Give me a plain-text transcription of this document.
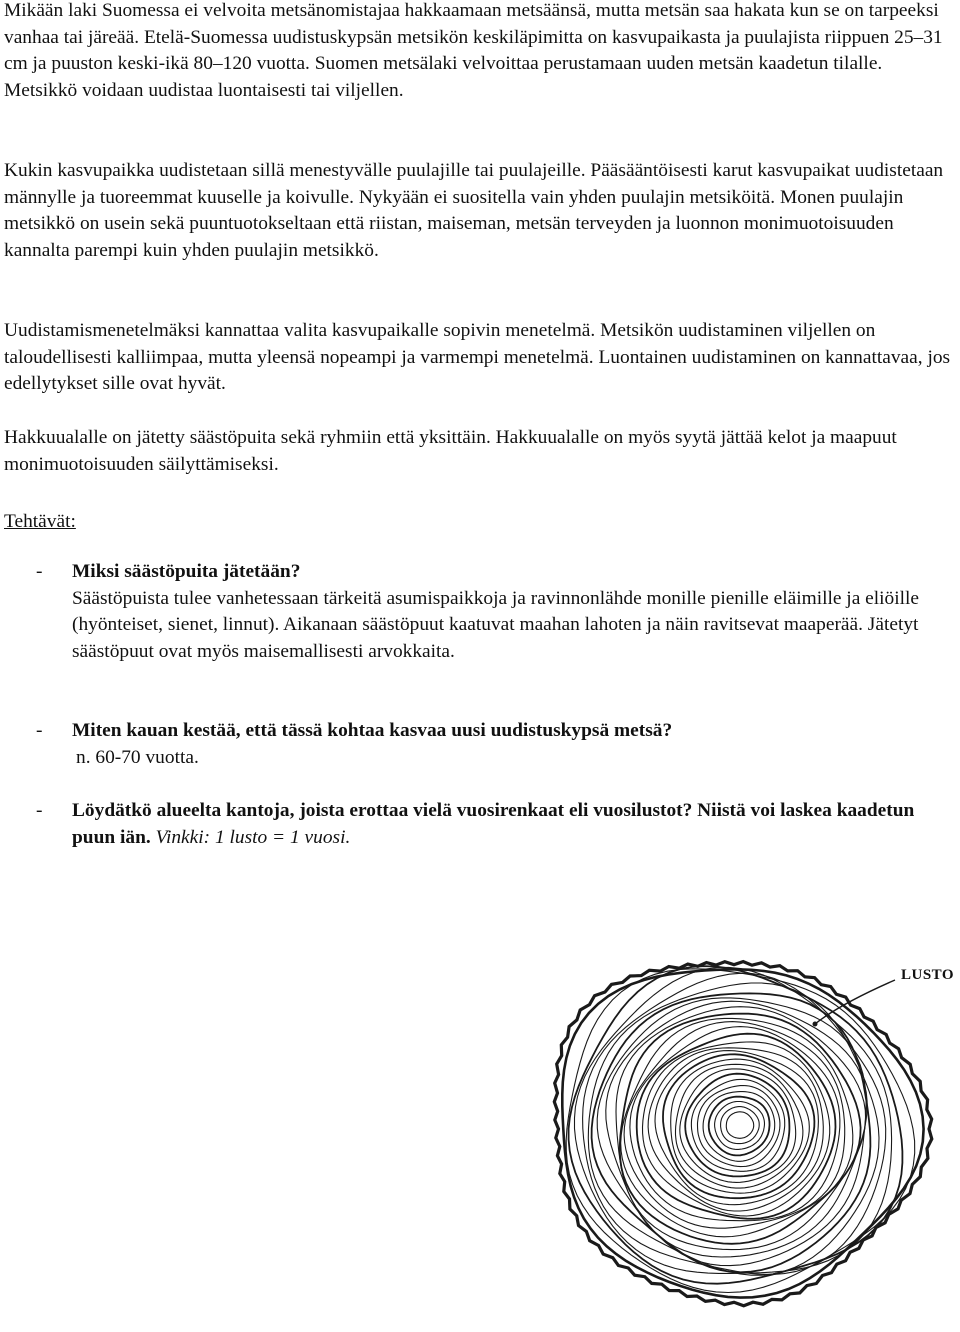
Mikään laki Suomessa ei velvoita metsänomistajaa hakkaamaan metsäänsä, mutta metsän saa hakata kun se on tarpeeksi vanhaa tai järeää. Etelä-Suomessa uudistuskypsän metsikön keskiläpimitta on kasvupaikasta ja puulajista riippuen 25–31 cm ja puuston keski-ikä 80–120 vuotta. Suomen metsälaki velvoittaa perustamaan uuden metsän kaadetun tilalle. Metsikkö voidaan uudistaa luontaisesti tai viljellen.

Kukin kasvupaikka uudistetaan sillä menestyvälle puulajille tai puulajeille. Pääsääntöisesti karut kasvupaikat uudistetaan männylle ja tuoreemmat kuuselle ja koivulle. Nykyään ei suositella vain yhden puulajin metsiköitä. Monen puulajin metsikkö on usein sekä puuntuotokseltaan että riistan, maiseman, metsän terveyden ja luonnon monimuotoisuuden kannalta parempi kuin yhden puulajin metsikkö.

Uudistamismenetelmäksi kannattaa valita kasvupaikalle sopivin menetelmä. Metsikön uudistaminen viljellen on taloudellisesti kalliimpaa, mutta yleensä nopeampi ja varmempi menetelmä. Luontainen uudistaminen on kannattavaa, jos edellytykset sille ovat hyvät.

Hakkuualalle on jätetty säästöpuita sekä ryhmiin että yksittäin. Hakkuualalle on myös syytä jättää kelot ja maapuut monimuotoisuuden säilyttämiseksi.

Tehtävät:

- Miksi säästöpuita jätetään?
Säästöpuista tulee vanhetessaan tärkeitä asumispaikkoja ja ravinnonlähde monille pienille eläimille ja eliöille (hyönteiset, sienet, linnut). Aikanaan säästöpuut kaatuvat maahan lahoten ja näin ravitsevat maaperää. Jätetyt säästöpuut ovat myös maisemallisesti arvokkaita.
- Miten kauan kestää, että tässä kohtaa kasvaa uusi uudistuskypsä metsä?
n. 60-70 vuotta.
- Löydätkö alueelta kantoja, joista erottaa vielä vuosirenkaat eli vuosilustot? Niistä voi laskea kaadetun puun iän. Vinkki: 1 lusto = 1 vuosi.
LUSTO
